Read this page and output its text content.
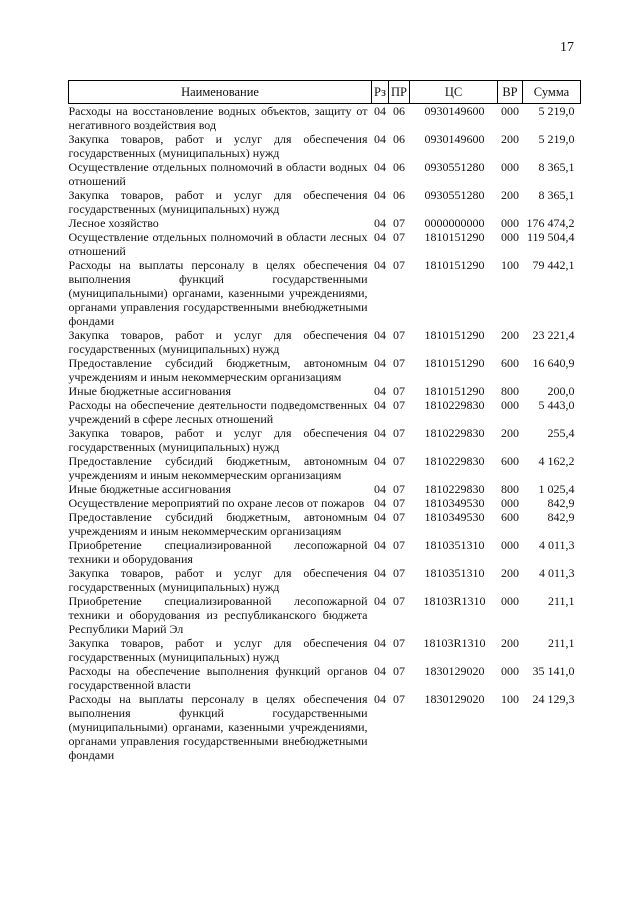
17
Наименование	Рз	ПР	ЦС	ВР	Сумма
Расходы на восстановление водных объектов, защиту от негативного воздействия вод	04	06	0930149600	000	5 219,0
Закупка товаров, работ и услуг для обеспечения государственных (муниципальных) нужд	04	06	0930149600	200	5 219,0
Осуществление отдельных полномочий в области водных отношений	04	06	0930551280	000	8 365,1
Закупка товаров, работ и услуг для обеспечения государственных (муниципальных) нужд	04	06	0930551280	200	8 365,1
Лесное хозяйство	04	07	0000000000	000	176 474,2
Осуществление отдельных полномочий в области лесных отношений	04	07	1810151290	000	119 504,4
Расходы на выплаты персоналу в целях обеспечения выполнения функций государственными (муниципальными) органами, казенными учреждениями, органами управления государственными внебюджетными фондами	04	07	1810151290	100	79 442,1
Закупка товаров, работ и услуг для обеспечения государственных (муниципальных) нужд	04	07	1810151290	200	23 221,4
Предоставление субсидий бюджетным, автономным учреждениям и иным некоммерческим организациям	04	07	1810151290	600	16 640,9
Иные бюджетные ассигнования	04	07	1810151290	800	200,0
Расходы на обеспечение деятельности подведомственных учреждений в сфере лесных отношений	04	07	1810229830	000	5 443,0
Закупка товаров, работ и услуг для обеспечения государственных (муниципальных) нужд	04	07	1810229830	200	255,4
Предоставление субсидий бюджетным, автономным учреждениям и иным некоммерческим организациям	04	07	1810229830	600	4 162,2
Иные бюджетные ассигнования	04	07	1810229830	800	1 025,4
Осуществление мероприятий по охране лесов от пожаров	04	07	1810349530	000	842,9
Предоставление субсидий бюджетным, автономным учреждениям и иным некоммерческим организациям	04	07	1810349530	600	842,9
Приобретение специализированной лесопожарной техники и оборудования	04	07	1810351310	000	4 011,3
Закупка товаров, работ и услуг для обеспечения государственных (муниципальных) нужд	04	07	1810351310	200	4 011,3
Приобретение специализированной лесопожарной техники и оборудования из республиканского бюджета Республики Марий Эл	04	07	18103R1310	000	211,1
Закупка товаров, работ и услуг для обеспечения государственных (муниципальных) нужд	04	07	18103R1310	200	211,1
Расходы на обеспечение выполнения функций органов государственной власти	04	07	1830129020	000	35 141,0
Расходы на выплаты персоналу в целях обеспечения выполнения функций государственными (муниципальными) органами, казенными учреждениями, органами управления государственными внебюджетными фондами	04	07	1830129020	100	24 129,3
